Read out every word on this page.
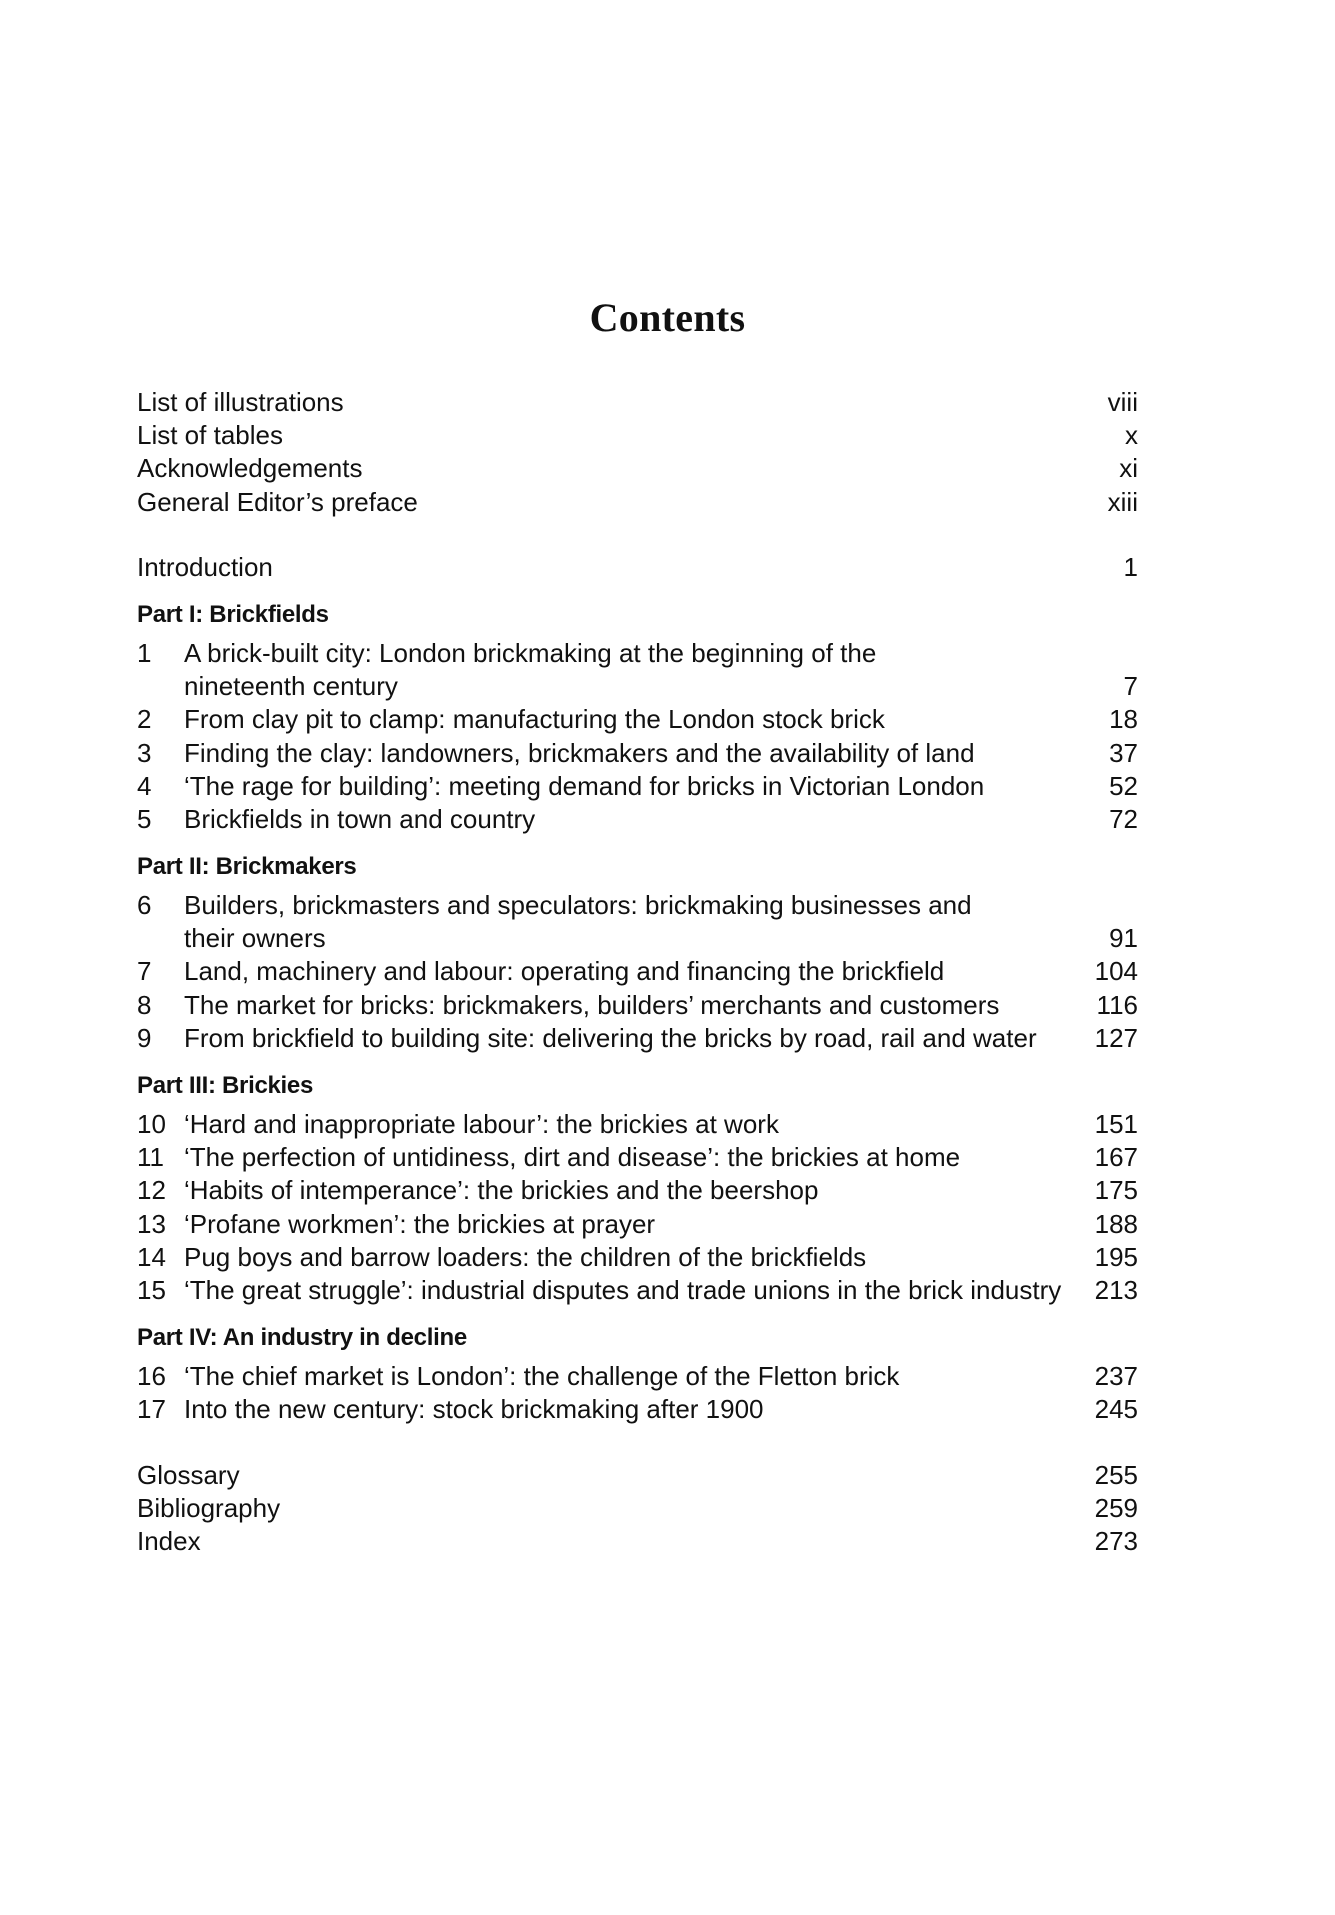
Contents
List of illustrations	viii
List of tables	x
Acknowledgements	xi
General Editor’s preface	xiii
Introduction	1
Part I: Brickfields
1	A brick-built city: London brickmaking at the beginning of the
nineteenth century	7
2	From clay pit to clamp: manufacturing the London stock brick	18
3	Finding the clay: landowners, brickmakers and the availability of land	37
4	‘The rage for building’: meeting demand for bricks in Victorian London	52
5	Brickfields in town and country	72
Part II: Brickmakers
6	Builders, brickmasters and speculators: brickmaking businesses and
their owners	91
7	Land, machinery and labour: operating and financing the brickfield	104
8	The market for bricks: brickmakers, builders’ merchants and customers	116
9	From brickfield to building site: delivering the bricks by road, rail and water 127
Part III: Brickies
10 ‘Hard and inappropriate labour’: the brickies at work	151
11 ‘The perfection of untidiness, dirt and disease’: the brickies at home	167
12 ‘Habits of intemperance’: the brickies and the beershop	175
13 ‘Profane workmen’: the brickies at prayer	188
14 Pug boys and barrow loaders: the children of the brickfields	195
15 ‘The great struggle’: industrial disputes and trade unions in the brick industry 213
Part IV: An industry in decline
16 ‘The chief market is London’: the challenge of the Fletton brick	237
17 Into the new century: stock brickmaking after 1900	245
Glossary	255
Bibliography	259
Index	273
